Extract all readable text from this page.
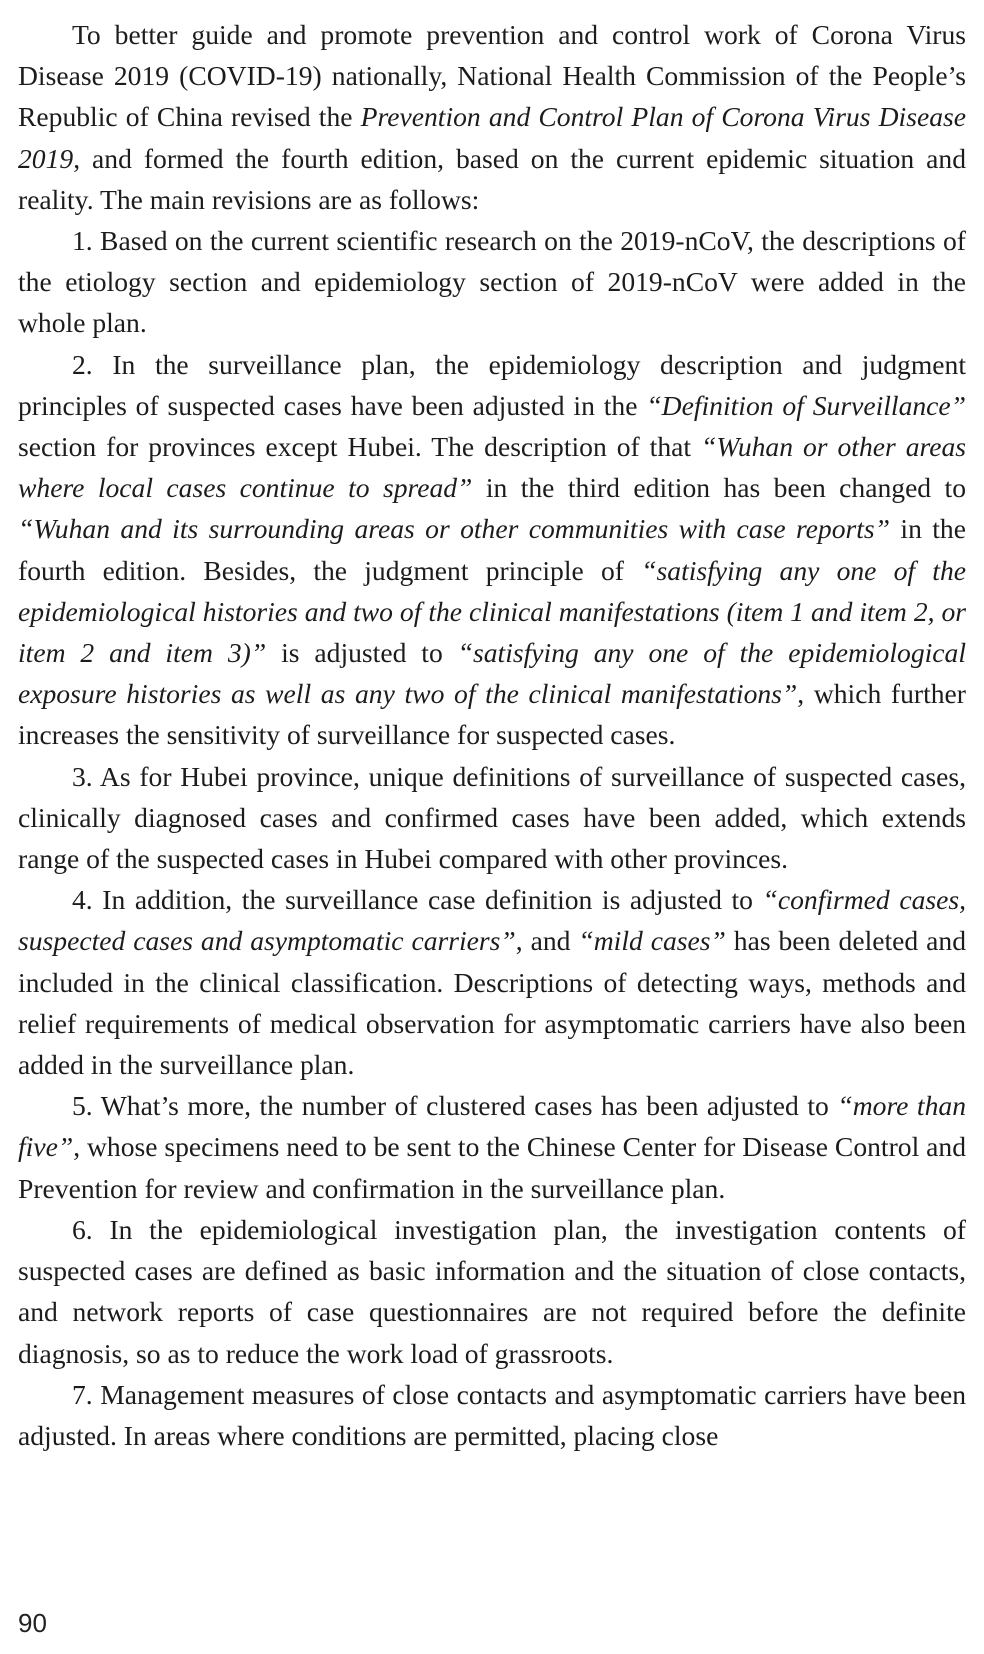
To better guide and promote prevention and control work of Corona Virus Disease 2019 (COVID-19) nationally, National Health Commission of the People’s Republic of China revised the Prevention and Control Plan of Corona Virus Disease 2019, and formed the fourth edition, based on the current epidemic situation and reality. The main revisions are as follows:

1. Based on the current scientific research on the 2019-nCoV, the descriptions of the etiology section and epidemiology section of 2019-nCoV were added in the whole plan.

2. In the surveillance plan, the epidemiology description and judgment principles of suspected cases have been adjusted in the “Definition of Surveillance” section for provinces except Hubei. The description of that “Wuhan or other areas where local cases continue to spread” in the third edition has been changed to “Wuhan and its surrounding areas or other communities with case reports” in the fourth edition. Besides, the judgment principle of “satisfying any one of the epidemiological histories and two of the clinical manifestations (item 1 and item 2, or item 2 and item 3)” is adjusted to “satisfying any one of the epidemiological exposure histories as well as any two of the clinical manifestations”, which further increases the sensitivity of surveillance for suspected cases.

3. As for Hubei province, unique definitions of surveillance of suspected cases, clinically diagnosed cases and confirmed cases have been added, which extends range of the suspected cases in Hubei compared with other provinces.

4. In addition, the surveillance case definition is adjusted to “confirmed cases, suspected cases and asymptomatic carriers”, and “mild cases” has been deleted and included in the clinical classification. Descriptions of detecting ways, methods and relief requirements of medical observation for asymptomatic carriers have also been added in the surveillance plan.

5. What’s more, the number of clustered cases has been adjusted to “more than five”, whose specimens need to be sent to the Chinese Center for Disease Control and Prevention for review and confirmation in the surveillance plan.

6. In the epidemiological investigation plan, the investigation contents of suspected cases are defined as basic information and the situation of close contacts, and network reports of case questionnaires are not required before the definite diagnosis, so as to reduce the work load of grassroots.

7. Management measures of close contacts and asymptomatic carriers have been adjusted. In areas where conditions are permitted, placing close

90
